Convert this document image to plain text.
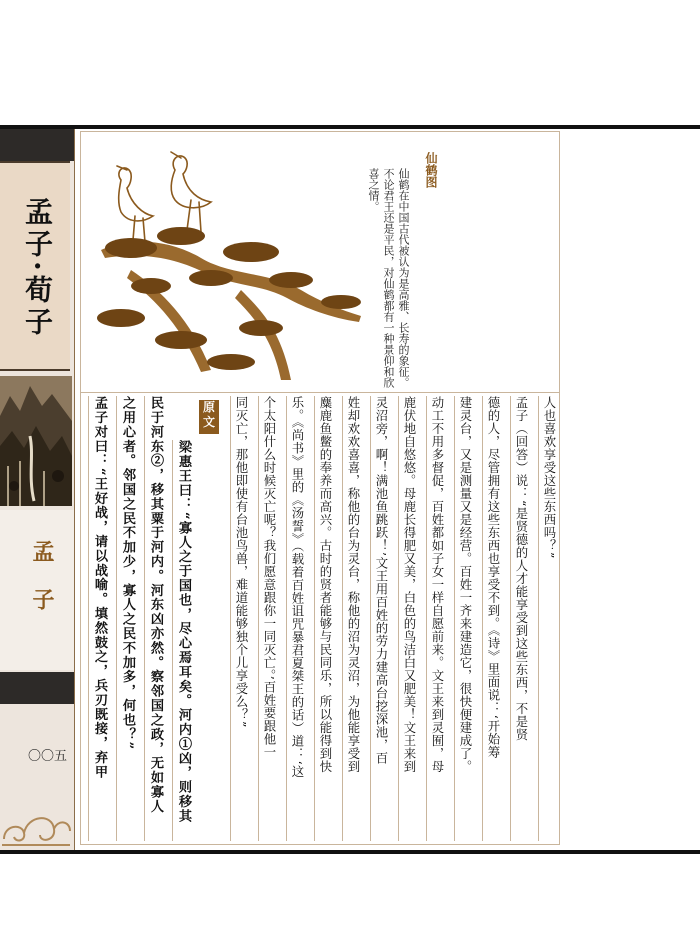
孟子·荀子
孟子
〇〇五
仙鹤图
仙鹤在中国古代被认为是高雅、长寿的象征。不论君王还是平民，对仙鹤都有一种景仰和欣喜之情。
人也喜欢享受这些东西吗？”
孟子（回答）说：“是贤德的人才能享受到这些东西，不是贤
德的人，尽管拥有这些东西也享受不到。《诗》里面说：‘开始筹
建灵台，又是测量又是经营。百姓一齐来建造它，很快便建成了。
动工不用多督促，百姓都如子女一样自愿前来。文王来到灵囿，母
鹿伏地自悠悠。母鹿长得肥又美，白色的鸟洁白又肥美！文王来到
灵沼旁，啊！满池鱼跳跃！’文王用百姓的劳力建高台挖深池，百
姓却欢欢喜喜，称他的台为灵台，称他的沼为灵沼，为他能享受到
麋鹿鱼鳖的奉养而高兴。古时的贤者能够与民同乐，所以能得到快
乐。《尚书》里的《汤誓》（载着百姓诅咒暴君夏桀王的话）道：‘这
个太阳什么时候灭亡呢？我们愿意跟你一同灭亡。’百姓要跟他一
同灭亡，那他即使有台池鸟兽，难道能够独个儿享受么？”
原文
梁惠王曰：“寡人之于国也，尽心焉耳矣。河内①凶，则移其
民于河东②，移其粟于河内。河东凶亦然。察邻国之政，无如寡人
之用心者。邻国之民不加少，寡人之民不加多，何也？”
孟子对曰：“王好战，请以战喻。填然鼓之，兵刃既接，弃甲
